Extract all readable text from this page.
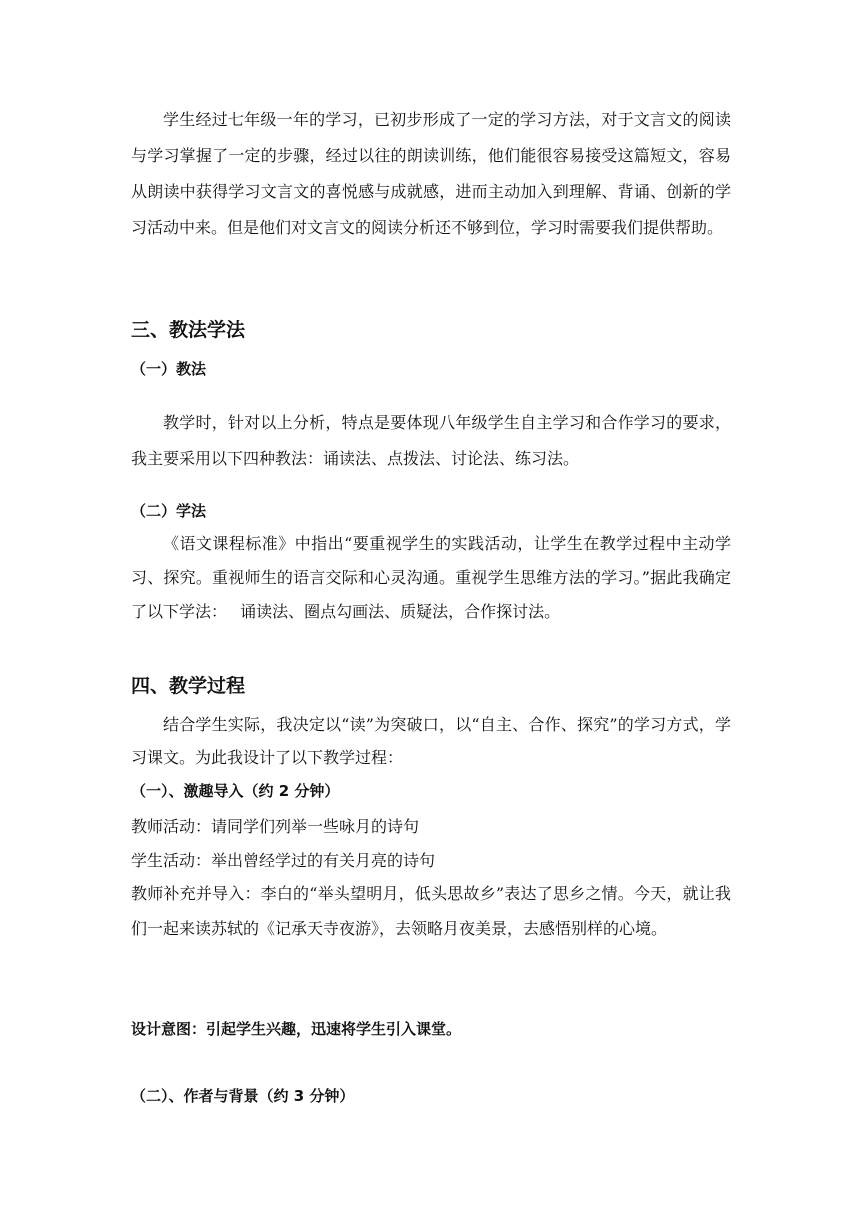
学生经过七年级一年的学习，已初步形成了一定的学习方法，对于文言文的阅读与学习掌握了一定的步骤，经过以往的朗读训练，他们能很容易接受这篇短文，容易从朗读中获得学习文言文的喜悦感与成就感，进而主动加入到理解、背诵、创新的学习活动中来。但是他们对文言文的阅读分析还不够到位，学习时需要我们提供帮助。
三、教法学法
（一）教法
教学时，针对以上分析，特点是要体现八年级学生自主学习和合作学习的要求，我主要采用以下四种教法：诵读法、点拨法、讨论法、练习法。
（二）学法
《语文课程标准》中指出“要重视学生的实践活动，让学生在教学过程中主动学习、探究。重视师生的语言交际和心灵沟通。重视学生思维方法的学习。”据此我确定了以下学法：　 诵读法、圈点勾画法、质疑法，合作探讨法。
四、教学过程
结合学生实际，我决定以“读”为突破口，以“自主、合作、探究”的学习方式，学习课文。为此我设计了以下教学过程：
（一）、激趣导入（约 2 分钟）
教师活动：请同学们列举一些咏月的诗句
学生活动：举出曾经学过的有关月亮的诗句
教师补充并导入：李白的“举头望明月，低头思故乡”表达了思乡之情。今天，就让我们一起来读苏轼的《记承天寺夜游》，去领略月夜美景，去感悟别样的心境。
设计意图：引起学生兴趣，迅速将学生引入课堂。
（二）、作者与背景（约 3 分钟）
